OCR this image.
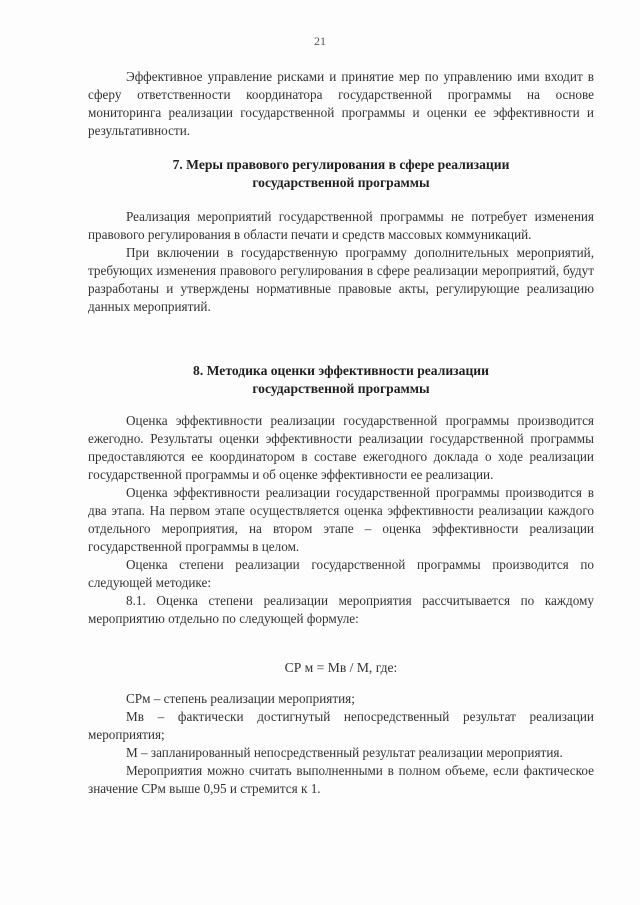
21

Эффективное управление рисками и принятие мер по управлению ими входит в сферу ответственности координатора государственной программы на основе мониторинга реализации государственной программы и оценки ее эффективности и результативности.

7. Меры правового регулирования в сфере реализации
государственной программы

Реализация мероприятий государственной программы не потребует изменения правового регулирования в области печати и средств массовых коммуникаций.

При включении в государственную программу дополнительных мероприятий, требующих изменения правового регулирования в сфере реализации мероприятий, будут разработаны и утверждены нормативные правовые акты, регулирующие реализацию данных мероприятий.

8. Методика оценки эффективности реализации
государственной программы

Оценка эффективности реализации государственной программы производится ежегодно. Результаты оценки эффективности реализации государственной программы предоставляются ее координатором в составе ежегодного доклада о ходе реализации государственной программы и об оценке эффективности ее реализации.

Оценка эффективности реализации государственной программы производится в два этапа. На первом этапе осуществляется оценка эффективности реализации каждого отдельного мероприятия, на втором этапе – оценка эффективности реализации государственной программы в целом.

Оценка степени реализации государственной программы производится по следующей методике:

8.1. Оценка степени реализации мероприятия рассчитывается по каждому мероприятию отдельно по следующей формуле:

СР м = Мв / М, где:

СРм – степень реализации мероприятия;

Мв – фактически достигнутый непосредственный результат реализации мероприятия;

М – запланированный непосредственный результат реализации мероприятия.

Мероприятия можно считать выполненными в полном объеме, если фактическое значение СРм выше 0,95 и стремится к 1.
